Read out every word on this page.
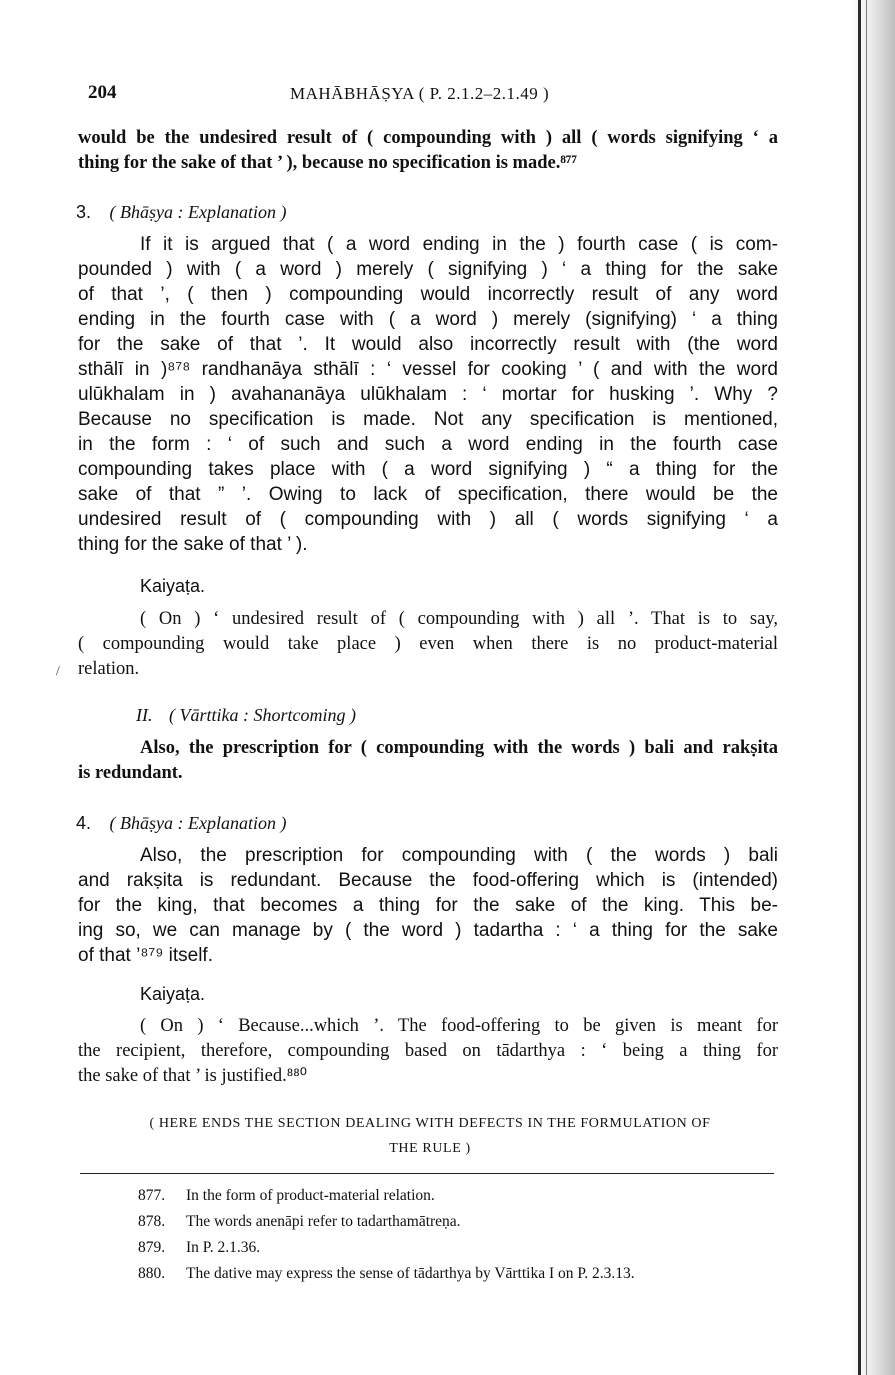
204	MAHĀBHĀṢYA ( P. 2.1.2–2.1.49 )
would be the undesired result of ( compounding with ) all ( words signifying ‘ a
thing for the sake of that ’ ), because no specification is made.⁸⁷⁷
3. ( Bhāṣya : Explanation )
If it is argued that ( a word ending in the ) fourth case ( is com-
pounded ) with ( a word ) merely ( signifying ) ‘ a thing for the sake
of that ’, ( then ) compounding would incorrectly result of any word
ending in the fourth case with ( a word ) merely (signifying) ‘ a thing
for the sake of that ’. It would also incorrectly result with (the word
sthālī in )⁸⁷⁸ randhanāya sthālī : ‘ vessel for cooking ’ ( and with the word
ulūkhalam in ) avahananāya ulūkhalam : ‘ mortar for husking ’. Why ?
Because no specification is made. Not any specification is mentioned,
in the form : ‘ of such and such a word ending in the fourth case
compounding takes place with ( a word signifying ) “ a thing for the
sake of that ” ’. Owing to lack of specification, there would be the
undesired result of ( compounding with ) all ( words signifying ‘ a
thing for the sake of that ’ ).
Kaiyaṭa.
( On ) ‘ undesired result of ( compounding with ) all ’. That is to say,
( compounding would take place ) even when there is no product-material
relation.
/
II. ( Vārttika : Shortcoming )
Also, the prescription for ( compounding with the words ) bali and rakṣita
is redundant.
4. ( Bhāṣya : Explanation )
Also, the prescription for compounding with ( the words ) bali
and rakṣita is redundant. Because the food-offering which is (intended)
for the king, that becomes a thing for the sake of the king. This be-
ing so, we can manage by ( the word ) tadartha : ‘ a thing for the sake
of that ’⁸⁷⁹ itself.
Kaiyaṭa.
( On ) ‘ Because...which ’. The food-offering to be given is meant for
the recipient, therefore, compounding based on tādarthya : ‘ being a thing for
the sake of that ’ is justified.⁸⁸⁰
( HERE ENDS THE SECTION DEALING WITH DEFECTS IN THE FORMULATION OF
THE RULE )
877. In the form of product-material relation.
878. The words anenāpi refer to tadarthamātreṇa.
879. In P. 2.1.36.
880. The dative may express the sense of tādarthya by Vārttika I on P. 2.3.13.
